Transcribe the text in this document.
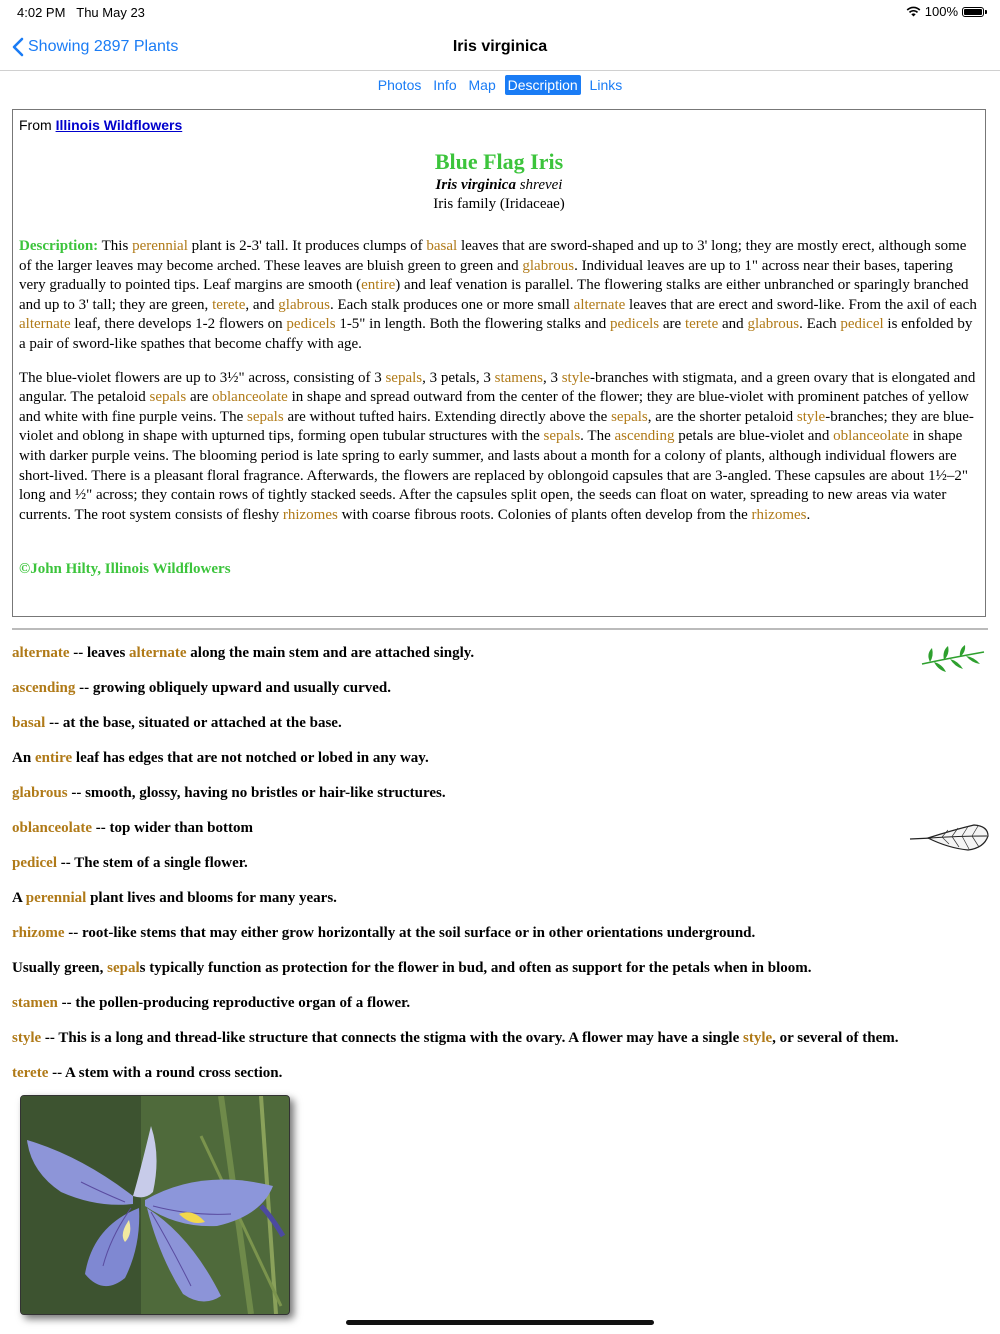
4:02 PM Thu May 23	100%
Showing 2897 Plants	Iris virginica
Photos Info Map Description Links
From Illinois Wildflowers
Blue Flag Iris
Iris virginica shrevei
Iris family (Iridaceae)
Description: This perennial plant is 2-3' tall. It produces clumps of basal leaves that are sword-shaped and up to 3' long; they are mostly erect, although some of the larger leaves may become arched. These leaves are bluish green to green and glabrous. Individual leaves are up to 1" across near their bases, tapering very gradually to pointed tips. Leaf margins are smooth (entire) and leaf venation is parallel. The flowering stalks are either unbranched or sparingly branched and up to 3' tall; they are green, terete, and glabrous. Each stalk produces one or more small alternate leaves that are erect and sword-like. From the axil of each alternate leaf, there develops 1-2 flowers on pedicels 1-5" in length. Both the flowering stalks and pedicels are terete and glabrous. Each pedicel is enfolded by a pair of sword-like spathes that become chaffy with age.
The blue-violet flowers are up to 3½" across, consisting of 3 sepals, 3 petals, 3 stamens, 3 style-branches with stigmata, and a green ovary that is elongated and angular. The petaloid sepals are oblanceolate in shape and spread outward from the center of the flower; they are blue-violet with prominent patches of yellow and white with fine purple veins. The sepals are without tufted hairs. Extending directly above the sepals, are the shorter petaloid style-branches; they are blue-violet and oblong in shape with upturned tips, forming open tubular structures with the sepals. The ascending petals are blue-violet and oblanceolate in shape with darker purple veins. The blooming period is late spring to early summer, and lasts about a month for a colony of plants, although individual flowers are short-lived. There is a pleasant floral fragrance. Afterwards, the flowers are replaced by oblongoid capsules that are 3-angled. These capsules are about 1½–2" long and ½" across; they contain rows of tightly stacked seeds. After the capsules split open, the seeds can float on water, spreading to new areas via water currents. The root system consists of fleshy rhizomes with coarse fibrous roots. Colonies of plants often develop from the rhizomes.
©John Hilty, Illinois Wildflowers
alternate -- leaves alternate along the main stem and are attached singly.
ascending -- growing obliquely upward and usually curved.
basal -- at the base, situated or attached at the base.
An entire leaf has edges that are not notched or lobed in any way.
glabrous -- smooth, glossy, having no bristles or hair-like structures.
oblanceolate -- top wider than bottom
pedicel -- The stem of a single flower.
A perennial plant lives and blooms for many years.
rhizome -- root-like stems that may either grow horizontally at the soil surface or in other orientations underground.
Usually green, sepals typically function as protection for the flower in bud, and often as support for the petals when in bloom.
stamen -- the pollen-producing reproductive organ of a flower.
style -- This is a long and thread-like structure that connects the stigma with the ovary. A flower may have a single style, or several of them.
terete -- A stem with a round cross section.
